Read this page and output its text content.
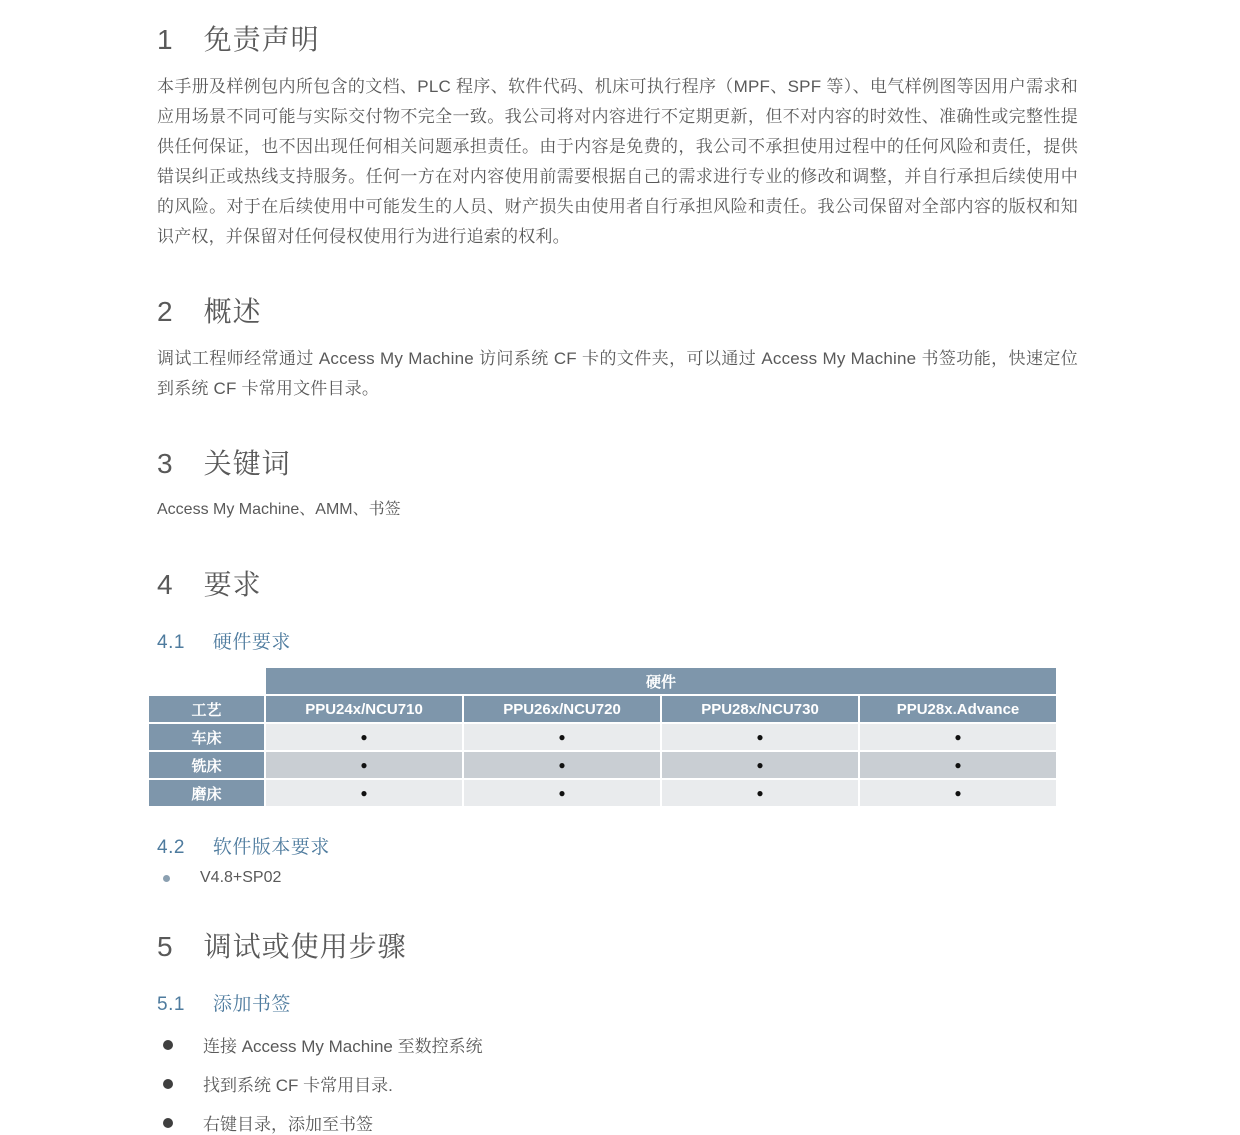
1 免责声明

本手册及样例包内所包含的文档、PLC 程序、软件代码、机床可执行程序（MPF、SPF 等）、电气样例图等因用户需求和应用场景不同可能与实际交付物不完全一致。我公司将对内容进行不定期更新，但不对内容的时效性、准确性或完整性提供任何保证，也不因出现任何相关问题承担责任。由于内容是免费的，我公司不承担使用过程中的任何风险和责任，提供错误纠正或热线支持服务。任何一方在对内容使用前需要根据自己的需求进行专业的修改和调整，并自行承担后续使用中的风险。对于在后续使用中可能发生的人员、财产损失由使用者自行承担风险和责任。我公司保留对全部内容的版权和知识产权，并保留对任何侵权使用行为进行追索的权利。

2 概述

调试工程师经常通过 Access My Machine 访问系统 CF 卡的文件夹，可以通过 Access My Machine 书签功能，快速定位到系统 CF 卡常用文件目录。

3 关键词

Access My Machine、AMM、书签

4 要求
4.1 硬件要求
	硬件			
工艺	PPU24x/NCU710	PPU26x/NCU720	PPU28x/NCU730	PPU28x.Advance
车床	●	●	●	●
铣床	●	●	●	●
磨床	●	●	●	●
4.2 软件版本要求
V4.8+SP02
5 调试或使用步骤
5.1 添加书签
连接 Access My Machine 至数控系统
找到系统 CF 卡常用目录.
右键目录，添加至书签
